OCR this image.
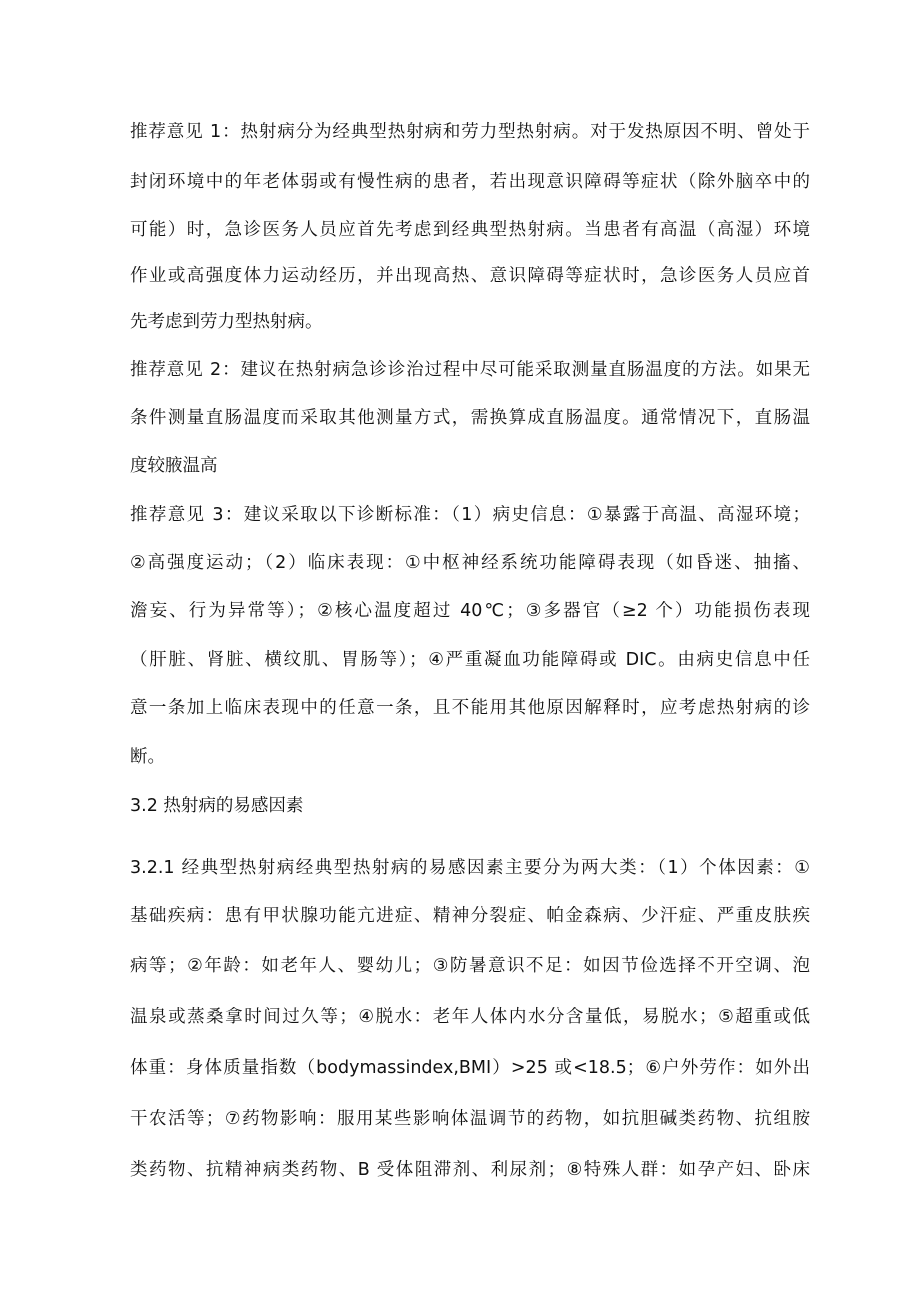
推荐意见 1：热射病分为经典型热射病和劳力型热射病。对于发热原因不明、曾处于
封闭环境中的年老体弱或有慢性病的患者，若出现意识障碍等症状（除外脑卒中的
可能）时，急诊医务人员应首先考虑到经典型热射病。当患者有高温（高湿）环境
作业或高强度体力运动经历，并出现高热、意识障碍等症状时，急诊医务人员应首
先考虑到劳力型热射病。
推荐意见 2：建议在热射病急诊诊治过程中尽可能采取测量直肠温度的方法。如果无
条件测量直肠温度而采取其他测量方式，需换算成直肠温度。通常情况下，直肠温
度较腋温高
推荐意见 3：建议采取以下诊断标准：（1）病史信息：①暴露于高温、高湿环境；
②高强度运动；（2）临床表现：①中枢神经系统功能障碍表现（如昏迷、抽搐、
澹妄、行为异常等）；②核心温度超过 40℃；③多器官（≥2 个）功能损伤表现
（肝脏、肾脏、横纹肌、胃肠等）；④严重凝血功能障碍或 DIC。由病史信息中任
意一条加上临床表现中的任意一条，且不能用其他原因解释时，应考虑热射病的诊
断。
3.2 热射病的易感因素
3.2.1 经典型热射病经典型热射病的易感因素主要分为两大类：（1）个体因素：①
基础疾病：患有甲状腺功能亢进症、精神分裂症、帕金森病、少汗症、严重皮肤疾
病等；②年龄：如老年人、婴幼儿；③防暑意识不足：如因节俭选择不开空调、泡
温泉或蒸桑拿时间过久等；④脱水：老年人体内水分含量低，易脱水；⑤超重或低
体重：身体质量指数（bodymassindex,BMI）>25 或<18.5；⑥户外劳作：如外出
干农活等；⑦药物影响：服用某些影响体温调节的药物，如抗胆碱类药物、抗组胺
类药物、抗精神病类药物、Β 受体阻滞剂、利尿剂；⑧特殊人群：如孕产妇、卧床
